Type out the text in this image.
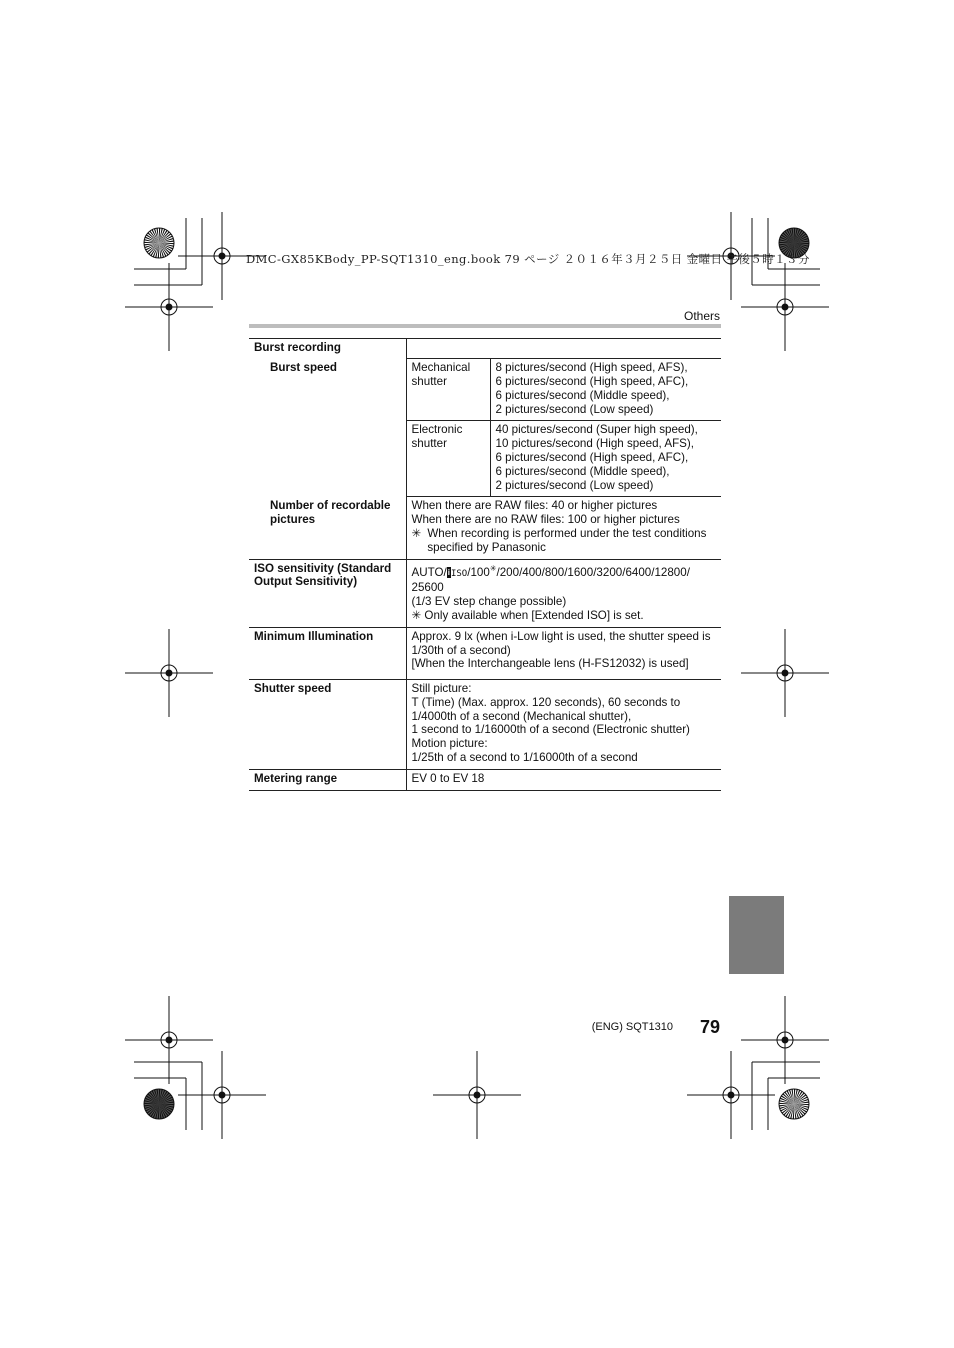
DMC-GX85KBody_PP-SQT1310_eng.book 79 ページ ２０１６年３月２５日 金曜日 午後５時１３分
Others
Burst recording		
Burst speed	Mechanical shutter	8 pictures/second (High speed, AFS),
6 pictures/second (High speed, AFC),
6 pictures/second (Middle speed),
2 pictures/second (Low speed)

	Electronic shutter	40 pictures/second (Super high speed),
10 pictures/second (High speed, AFS),
6 pictures/second (High speed, AFC),
6 pictures/second (Middle speed),
2 pictures/second (Low speed)

Number of recordable pictures	When there are RAW files: 40 or higher pictures
When there are no RAW files: 100 or higher pictures
✳ When recording is performed under the test conditions specified by Panasonic	

ISO sensitivity (Standard Output Sensitivity)	AUTO/iISO/100✳/200/400/800/1600/3200/6400/12800/ 25600
(1/3 EV step change possible)
✳ Only available when [Extended ISO] is set.	

Minimum Illumination	Approx. 9 lx (when i-Low light is used, the shutter speed is 1/30th of a second)
[When the Interchangeable lens (H-FS12032) is used]	

Shutter speed	Still picture:
T (Time) (Max. approx. 120 seconds), 60 seconds to 1/4000th of a second (Mechanical shutter),
1 second to 1/16000th of a second (Electronic shutter)
Motion picture:
1/25th of a second to 1/16000th of a second	

Metering range	EV 0 to EV 18	
(ENG) SQT1310 79
